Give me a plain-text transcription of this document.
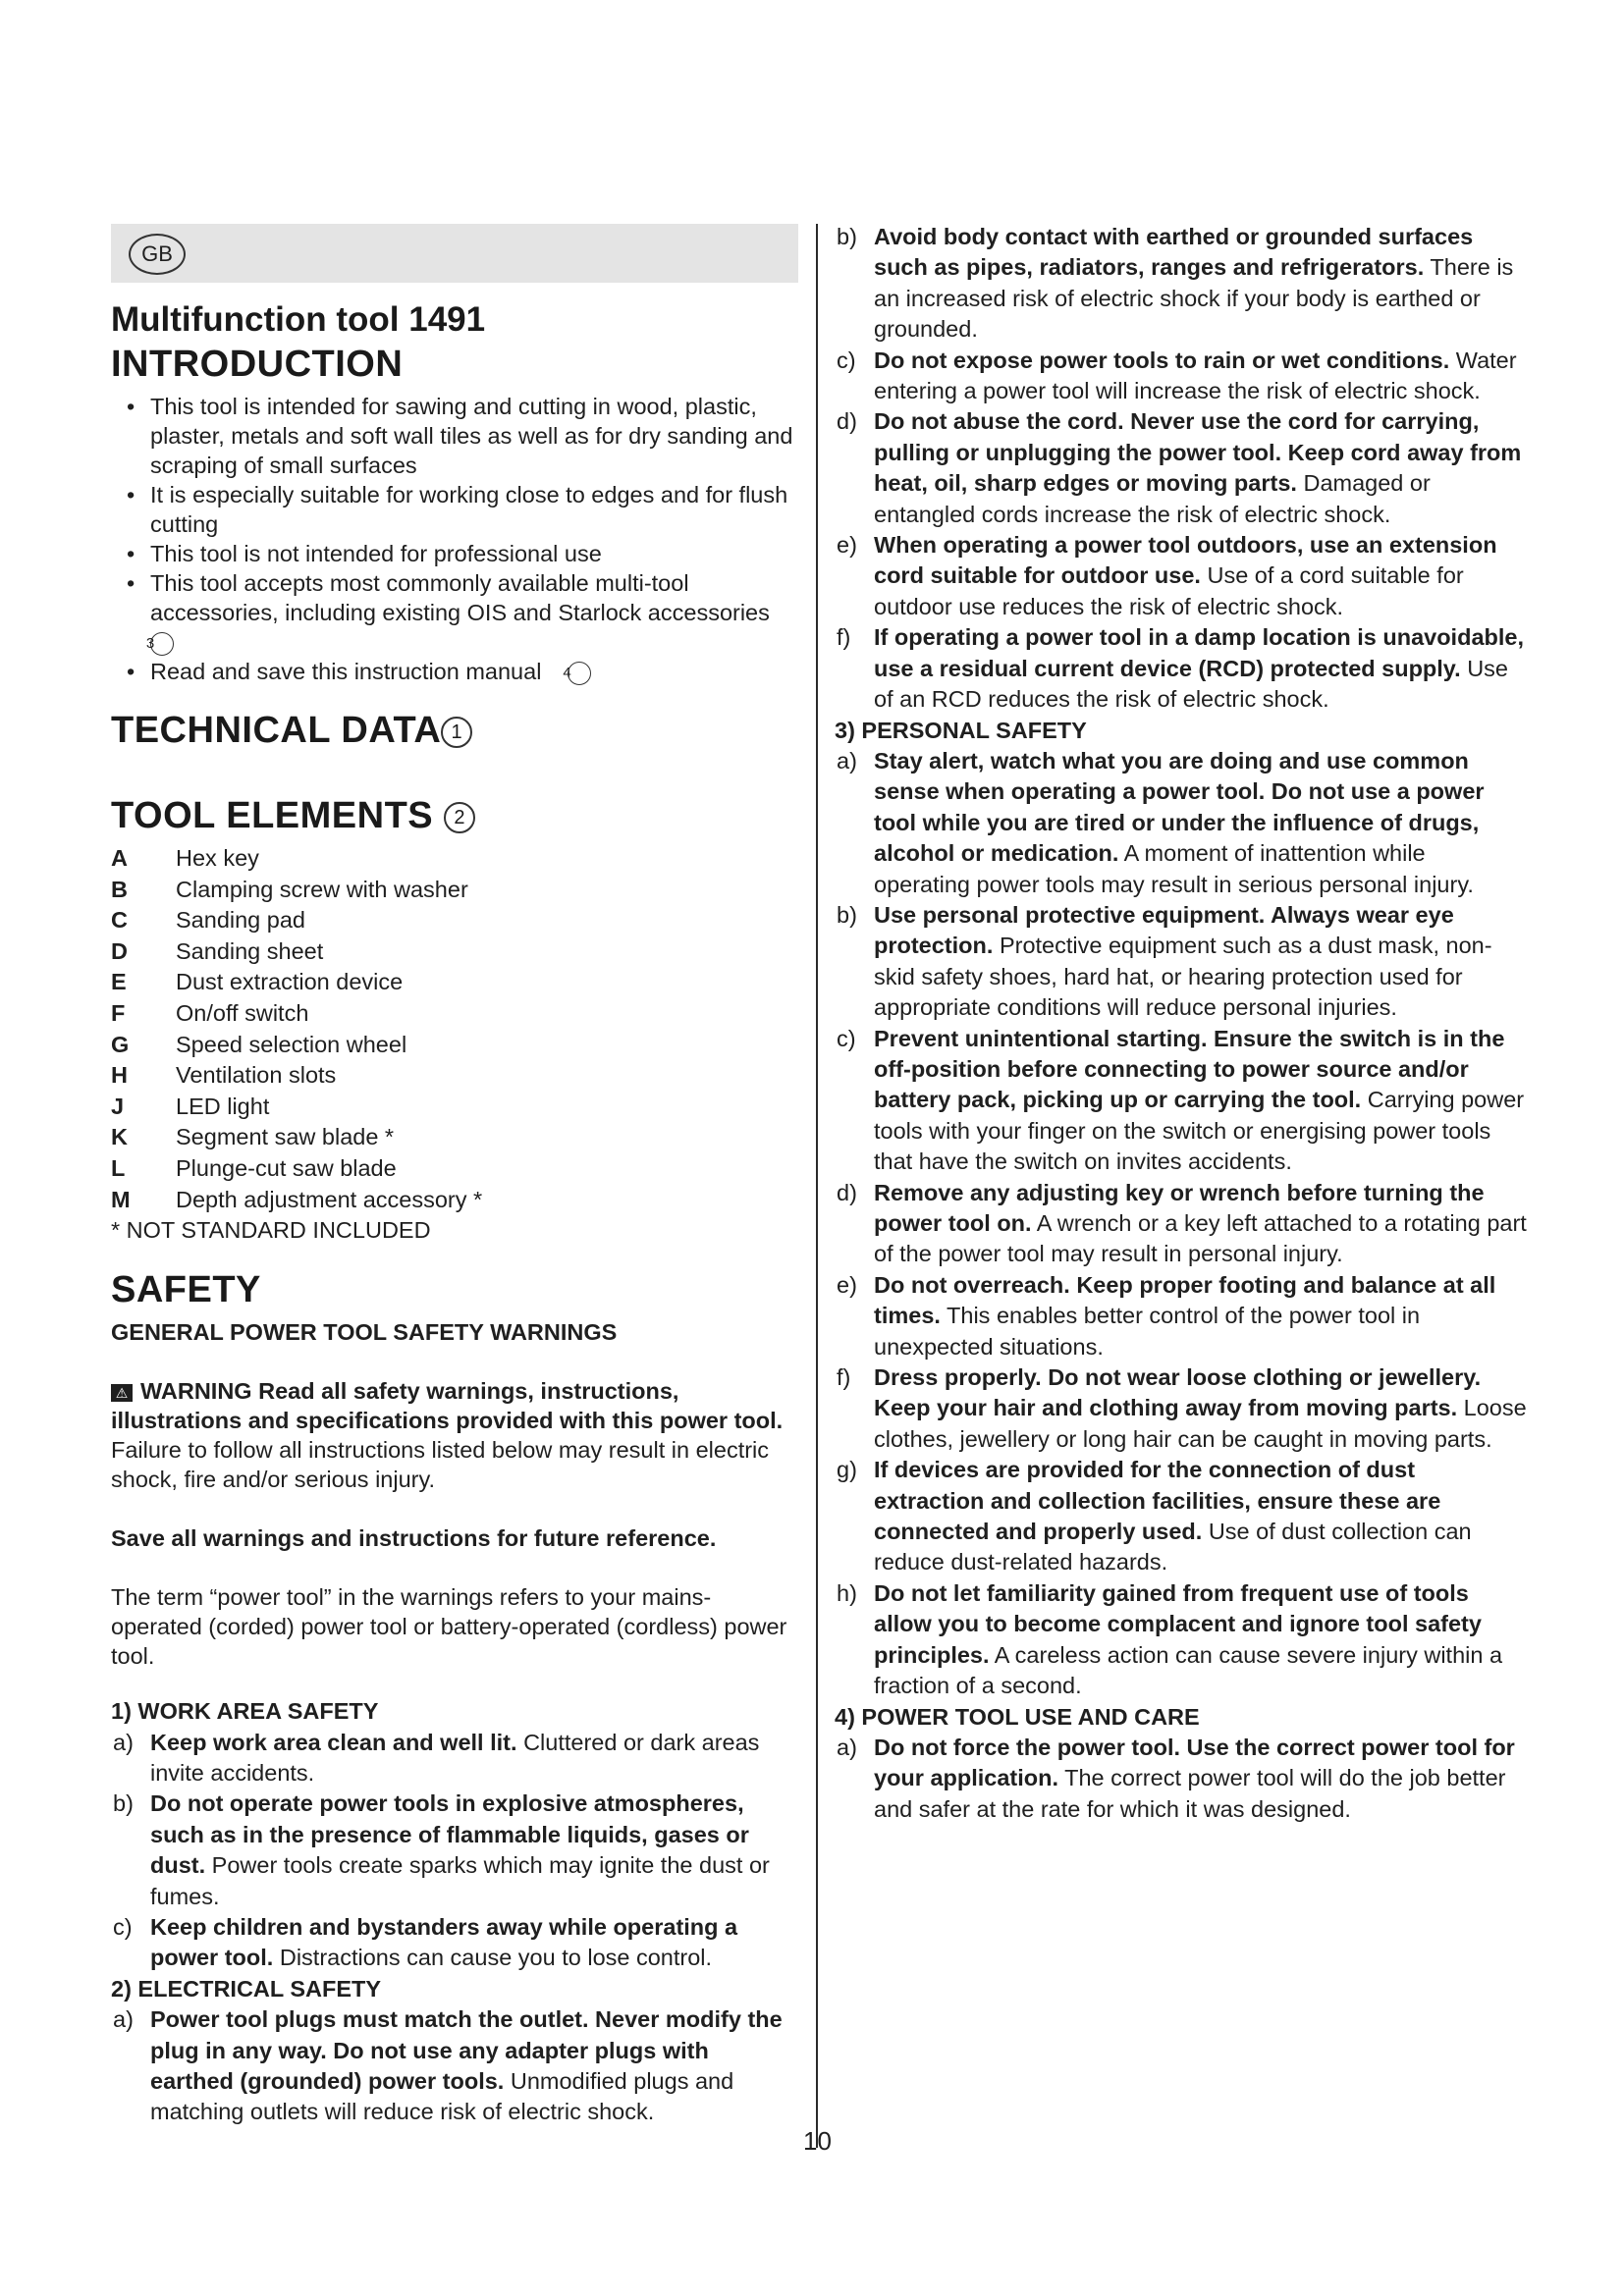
GB
Multifunction tool 1491
INTRODUCTION
• This tool is intended for sawing and cutting in wood, plastic, plaster, metals and soft wall tiles as well as for dry sanding and scraping of small surfaces
• It is especially suitable for working close to edges and for flush cutting
• This tool is not intended for professional use
• This tool accepts most commonly available multi-tool accessories, including existing OIS and Starlock accessories 3
• Read and save this instruction manual 4
TECHNICAL DATA 1
TOOL ELEMENTS 2
A	Hex key
B	Clamping screw with washer
C	Sanding pad
D	Sanding sheet
E	Dust extraction device
F	On/off switch
G	Speed selection wheel
H	Ventilation slots
J	LED light
K	Segment saw blade *
L	Plunge-cut saw blade
M	Depth adjustment accessory *
* NOT STANDARD INCLUDED
SAFETY
GENERAL POWER TOOL SAFETY WARNINGS
⚠ WARNING Read all safety warnings, instructions, illustrations and specifications provided with this power tool. Failure to follow all instructions listed below may result in electric shock, fire and/or serious injury.
Save all warnings and instructions for future reference.
The term “power tool” in the warnings refers to your mains-operated (corded) power tool or battery-operated (cordless) power tool.
1) WORK AREA SAFETY
a) Keep work area clean and well lit. Cluttered or dark areas invite accidents.
b) Do not operate power tools in explosive atmospheres, such as in the presence of flammable liquids, gases or dust. Power tools create sparks which may ignite the dust or fumes.
c) Keep children and bystanders away while operating a power tool. Distractions can cause you to lose control.
2) ELECTRICAL SAFETY
a) Power tool plugs must match the outlet. Never modify the plug in any way. Do not use any adapter plugs with earthed (grounded) power tools. Unmodified plugs and matching outlets will reduce risk of electric shock.
b) Avoid body contact with earthed or grounded surfaces such as pipes, radiators, ranges and refrigerators. There is an increased risk of electric shock if your body is earthed or grounded.
c) Do not expose power tools to rain or wet conditions. Water entering a power tool will increase the risk of electric shock.
d) Do not abuse the cord. Never use the cord for carrying, pulling or unplugging the power tool. Keep cord away from heat, oil, sharp edges or moving parts. Damaged or entangled cords increase the risk of electric shock.
e) When operating a power tool outdoors, use an extension cord suitable for outdoor use. Use of a cord suitable for outdoor use reduces the risk of electric shock.
f) If operating a power tool in a damp location is unavoidable, use a residual current device (RCD) protected supply. Use of an RCD reduces the risk of electric shock.
3) PERSONAL SAFETY
a) Stay alert, watch what you are doing and use common sense when operating a power tool. Do not use a power tool while you are tired or under the influence of drugs, alcohol or medication. A moment of inattention while operating power tools may result in serious personal injury.
b) Use personal protective equipment. Always wear eye protection. Protective equipment such as a dust mask, non-skid safety shoes, hard hat, or hearing protection used for appropriate conditions will reduce personal injuries.
c) Prevent unintentional starting. Ensure the switch is in the off-position before connecting to power source and/or battery pack, picking up or carrying the tool. Carrying power tools with your finger on the switch or energising power tools that have the switch on invites accidents.
d) Remove any adjusting key or wrench before turning the power tool on. A wrench or a key left attached to a rotating part of the power tool may result in personal injury.
e) Do not overreach. Keep proper footing and balance at all times. This enables better control of the power tool in unexpected situations.
f) Dress properly. Do not wear loose clothing or jewellery. Keep your hair and clothing away from moving parts. Loose clothes, jewellery or long hair can be caught in moving parts.
g) If devices are provided for the connection of dust extraction and collection facilities, ensure these are connected and properly used. Use of dust collection can reduce dust-related hazards.
h) Do not let familiarity gained from frequent use of tools allow you to become complacent and ignore tool safety principles. A careless action can cause severe injury within a fraction of a second.
4) POWER TOOL USE AND CARE
a) Do not force the power tool. Use the correct power tool for your application. The correct power tool will do the job better and safer at the rate for which it was designed.
10
